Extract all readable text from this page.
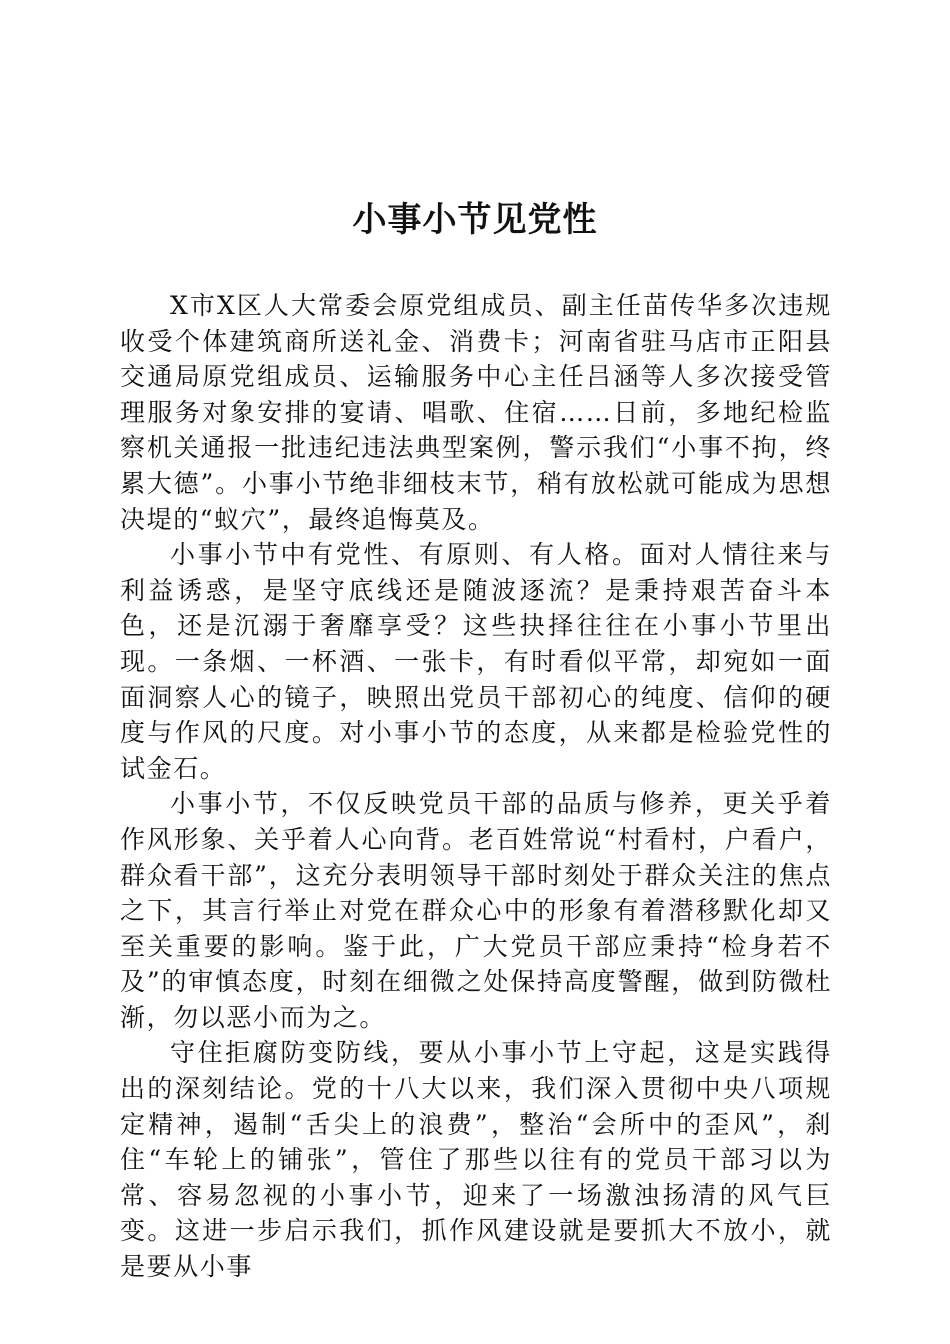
小事小节见党性

X市X区人大常委会原党组成员、副主任苗传华多次违规收受个体建筑商所送礼金、消费卡；河南省驻马店市正阳县交通局原党组成员、运输服务中心主任吕涵等人多次接受管理服务对象安排的宴请、唱歌、住宿……日前，多地纪检监察机关通报一批违纪违法典型案例，警示我们“小事不拘，终累大德”。小事小节绝非细枝末节，稍有放松就可能成为思想决堤的“蚁穴”，最终追悔莫及。

小事小节中有党性、有原则、有人格。面对人情往来与利益诱惑，是坚守底线还是随波逐流？是秉持艰苦奋斗本色，还是沉溺于奢靡享受？这些抉择往往在小事小节里出现。一条烟、一杯酒、一张卡，有时看似平常，却宛如一面面洞察人心的镜子，映照出党员干部初心的纯度、信仰的硬度与作风的尺度。对小事小节的态度，从来都是检验党性的试金石。

小事小节，不仅反映党员干部的品质与修养，更关乎着作风形象、关乎着人心向背。老百姓常说“村看村，户看户，群众看干部”，这充分表明领导干部时刻处于群众关注的焦点之下，其言行举止对党在群众心中的形象有着潜移默化却又至关重要的影响。鉴于此，广大党员干部应秉持“检身若不及”的审慎态度，时刻在细微之处保持高度警醒，做到防微杜渐，勿以恶小而为之。

守住拒腐防变防线，要从小事小节上守起，这是实践得出的深刻结论。党的十八大以来，我们深入贯彻中央八项规定精神，遏制“舌尖上的浪费”，整治“会所中的歪风”，刹住“车轮上的铺张”，管住了那些以往有的党员干部习以为常、容易忽视的小事小节，迎来了一场激浊扬清的风气巨变。这进一步启示我们，抓作风建设就是要抓大不放小，就是要从小事
